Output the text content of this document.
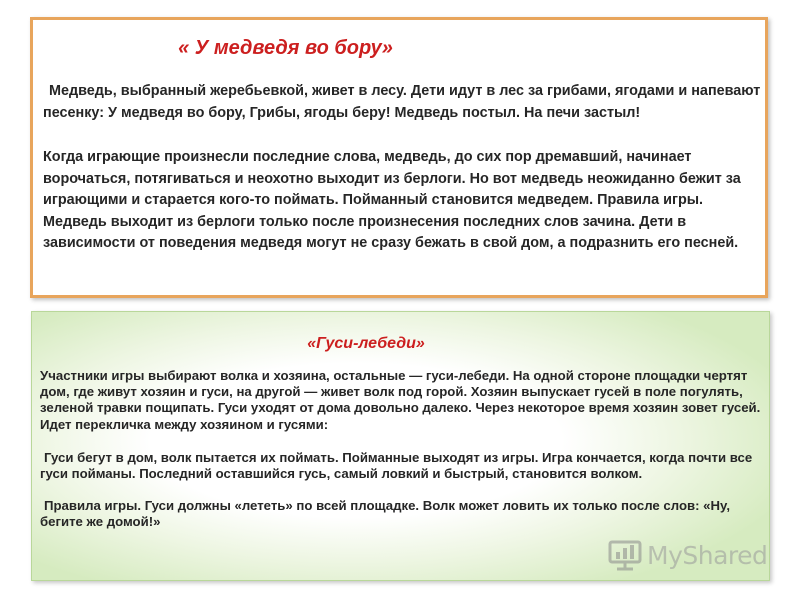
« У медведя во бору»
Медведь, выбранный жеребьевкой, живет в лесу. Дети идут в лес за грибами, ягодами и напевают песенку: У медведя во бору, Грибы, ягоды беру! Медведь постыл. На печи застыл!
Когда играющие произнесли последние слова, медведь, до сих пор дремавший, начинает ворочаться, потягиваться и неохотно выходит из берлоги. Но вот медведь неожиданно бежит за играющими и старается кого-то поймать. Пойманный становится медведем. Правила игры. Медведь выходит из берлоги только после произнесения последних слов зачина. Дети в зависимости от поведения медведя могут не сразу бежать в свой дом, а подразнить его песней.
«Гуси-лебеди»
Участники игры выбирают волка и хозяина, остальные — гуси-лебеди. На одной стороне площадки чертят дом, где живут хозяин и гуси, на другой — живет волк под горой. Хозяин выпускает гусей в поле погулять, зеленой травки пощипать. Гуси уходят от дома довольно далеко. Через некоторое время хозяин зовет гусей. Идет перекличка между хозяином и гусями:
Гуси бегут в дом, волк пытается их поймать. Пойманные выходят из игры. Игра кончается, когда почти все гуси пойманы. Последний оставшийся гусь, самый ловкий и быстрый, становится волком.
Правила игры. Гуси должны «лететь» по всей площадке. Волк может ловить их только после слов: «Ну, бегите же домой!»
MyShared
